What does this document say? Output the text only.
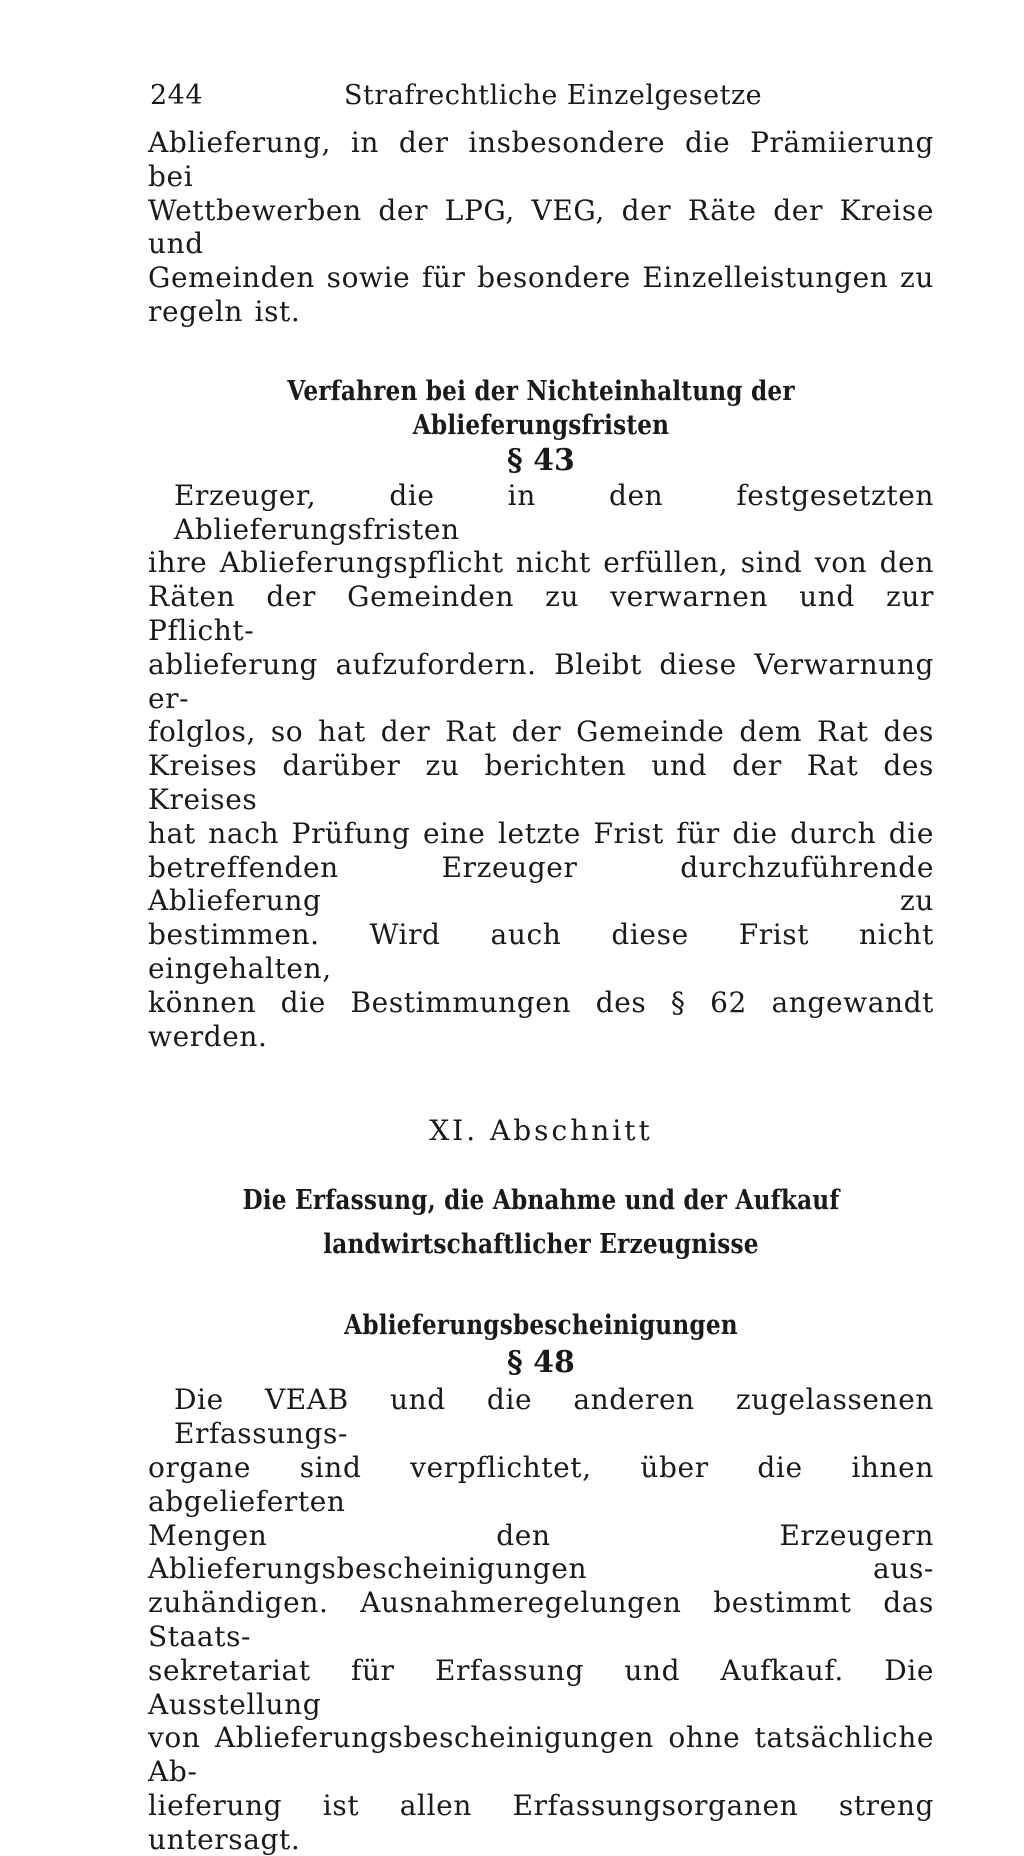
244	Strafrechtliche Einzelgesetze
Ablieferung, in der insbesondere die Prämiierung bei
Wettbewerben der LPG, VEG, der Räte der Kreise und
Gemeinden sowie für besondere Einzelleistungen zu
regeln ist.

Verfahren bei der Nichteinhaltung der Ablieferungsfristen

§ 43

Erzeuger, die in den festgesetzten Ablieferungsfristen
ihre Ablieferungspflicht nicht erfüllen, sind von den
Räten der Gemeinden zu verwarnen und zur Pflicht-
ablieferung aufzufordern. Bleibt diese Verwarnung er-
folglos, so hat der Rat der Gemeinde dem Rat des
Kreises darüber zu berichten und der Rat des Kreises
hat nach Prüfung eine letzte Frist für die durch die
betreffenden Erzeuger durchzuführende Ablieferung zu
bestimmen. Wird auch diese Frist nicht eingehalten,
können die Bestimmungen des § 62 angewandt werden.

XI. Abschnitt

Die Erfassung, die Abnahme und der Aufkauf

landwirtschaftlicher Erzeugnisse

Ablieferungsbescheinigungen

§ 48

Die VEAB und die anderen zugelassenen Erfassungs-
organe sind verpflichtet, über die ihnen abgelieferten
Mengen den Erzeugern Ablieferungsbescheinigungen aus-
zuhändigen. Ausnahmeregelungen bestimmt das Staats-
sekretariat für Erfassung und Aufkauf. Die Ausstellung
von Ablieferungsbescheinigungen ohne tatsächliche Ab-
lieferung ist allen Erfassungsorganen streng untersagt.
